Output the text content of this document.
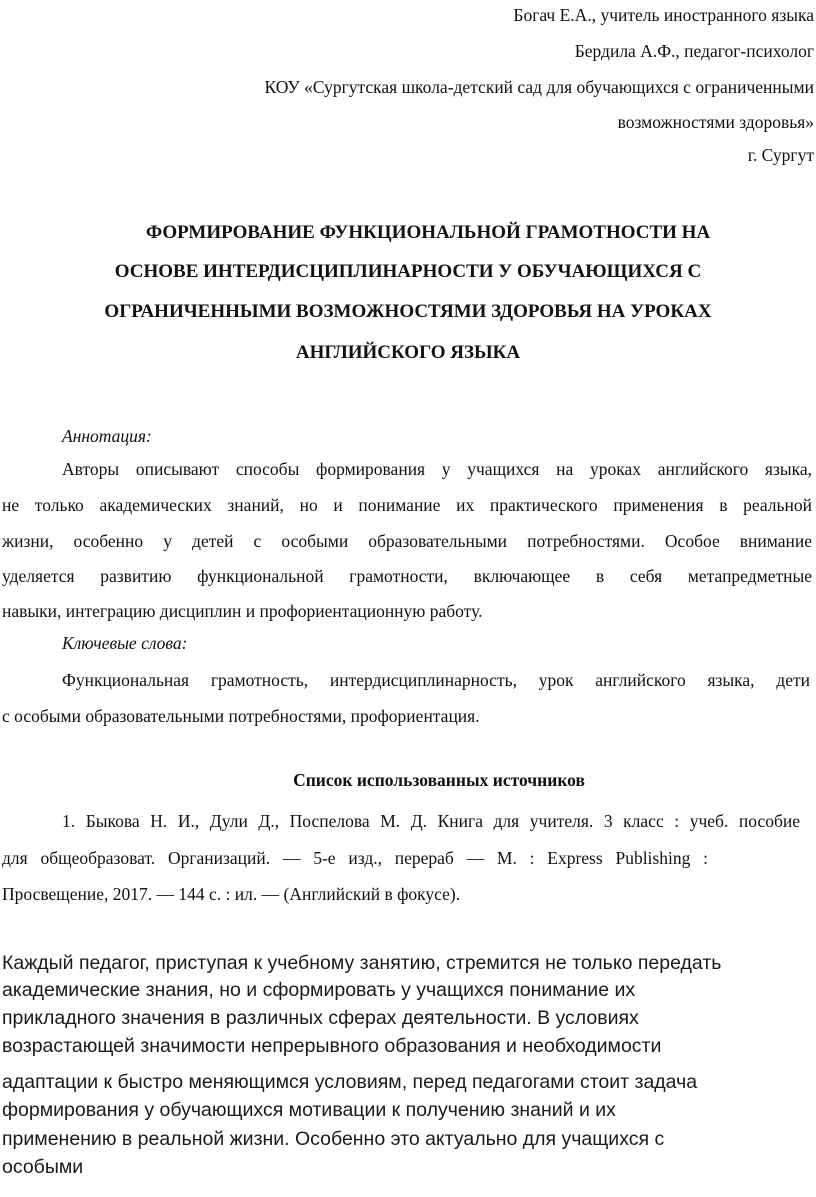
Богач Е.А., учитель иностранного языка
Бердила А.Ф., педагог-психолог
КОУ «Сургутская школа-детский сад для обучающихся с ограниченными
возможностями здоровья»
г. Сургут
ФОРМИРОВАНИЕ ФУНКЦИОНАЛЬНОЙ ГРАМОТНОСТИ НА
ОСНОВЕ ИНТЕРДИСЦИПЛИНАРНОСТИ У ОБУЧАЮЩИХСЯ С
ОГРАНИЧЕННЫМИ ВОЗМОЖНОСТЯМИ ЗДОРОВЬЯ НА УРОКАХ
АНГЛИЙСКОГО ЯЗЫКА
Аннотация:
Авторы описывают способы формирования у учащихся на уроках английского языка,
не только академических знаний, но и понимание их практического применения в реальной
жизни, особенно у детей с особыми образовательными потребностями. Особое внимание
уделяется развитию функциональной грамотности, включающее в себя метапредметные
навыки, интеграцию дисциплин и профориентационную работу.
Ключевые слова:
Функциональная грамотность, интердисциплинарность, урок английского языка, дети
с особыми образовательными потребностями, профориентация.
Список использованных источников
1. Быкова Н. И., Дули Д., Поспелова М. Д. Книга для учителя. 3 класс : учеб. пособие
для общеобразоват. Организаций. — 5-е изд., перераб — М. : Express Publishing :
Просвещение, 2017. — 144 с. : ил. — (Английский в фокусе).
Каждый педагог, приступая к учебному занятию, стремится не только передать
академические знания, но и сформировать у учащихся понимание их
прикладного значения в различных сферах деятельности. В условиях
возрастающей значимости непрерывного образования и необходимости
адаптации к быстро меняющимся условиям, перед педагогами стоит задача
формирования у обучающихся мотивации к получению знаний и их
применению в реальной жизни. Особенно это актуально для учащихся с
особыми
